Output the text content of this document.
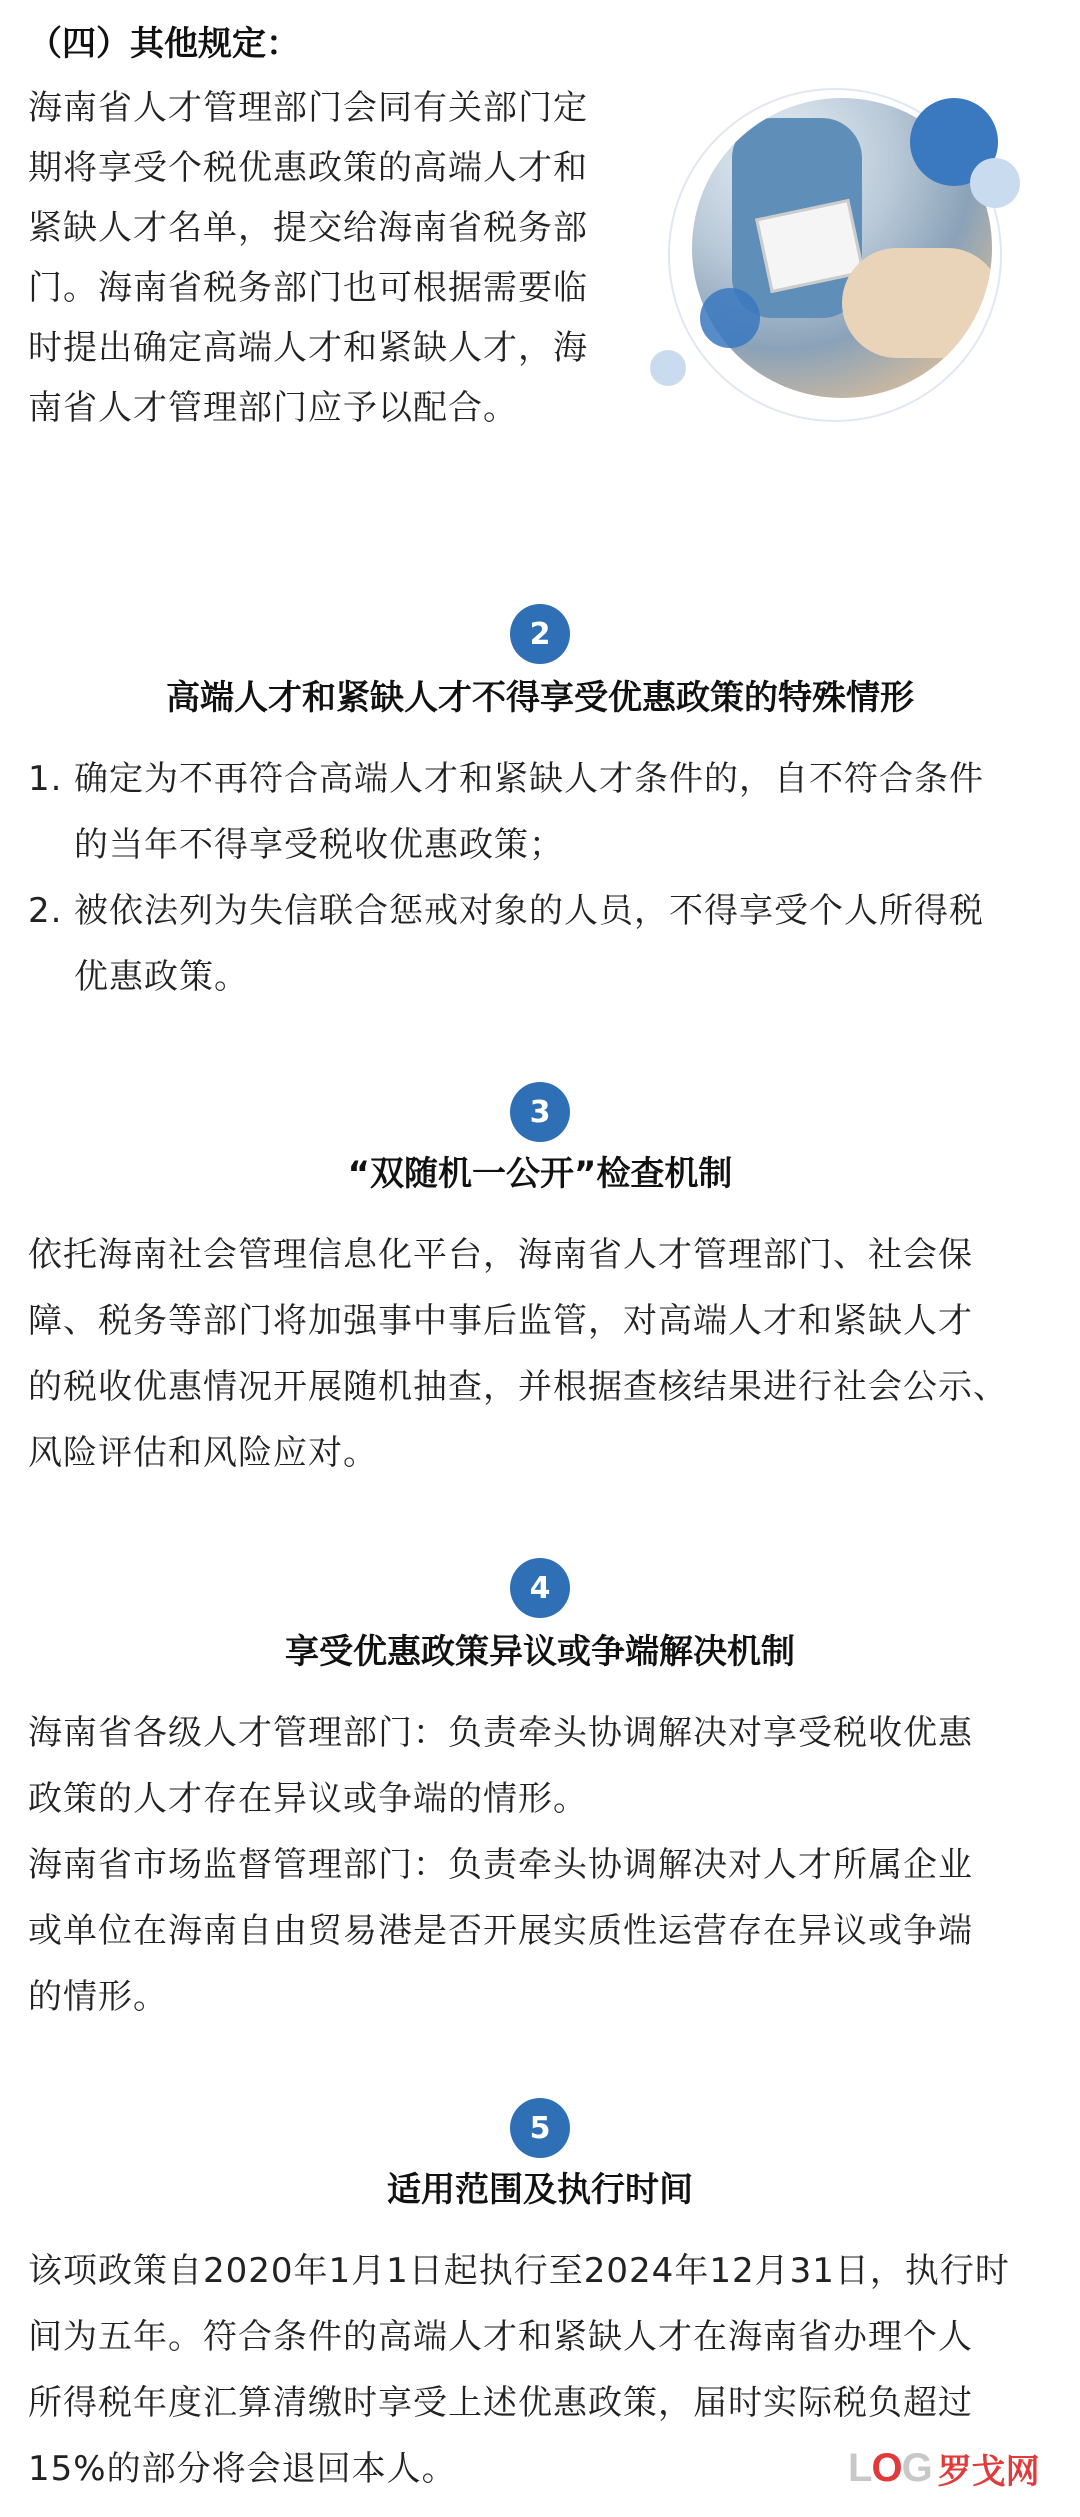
（四）其他规定：
海南省人才管理部门会同有关部门定
期将享受个税优惠政策的高端人才和
紧缺人才名单，提交给海南省税务部
门。海南省税务部门也可根据需要临
时提出确定高端人才和紧缺人才，海
南省人才管理部门应予以配合。
2
高端人才和紧缺人才不得享受优惠政策的特殊情形
1. 确定为不再符合高端人才和紧缺人才条件的，自不符合条件
的当年不得享受税收优惠政策；
2. 被依法列为失信联合惩戒对象的人员，不得享受个人所得税
优惠政策。
3
“双随机一公开”检查机制
依托海南社会管理信息化平台，海南省人才管理部门、社会保
障、税务等部门将加强事中事后监管，对高端人才和紧缺人才
的税收优惠情况开展随机抽查，并根据查核结果进行社会公示、
风险评估和风险应对。
4
享受优惠政策异议或争端解决机制
海南省各级人才管理部门：负责牵头协调解决对享受税收优惠
政策的人才存在异议或争端的情形。
海南省市场监督管理部门：负责牵头协调解决对人才所属企业
或单位在海南自由贸易港是否开展实质性运营存在异议或争端
的情形。
5
适用范围及执行时间
该项政策自2020年1月1日起执行至2024年12月31日，执行时
间为五年。符合条件的高端人才和紧缺人才在海南省办理个人
所得税年度汇算清缴时享受上述优惠政策，届时实际税负超过
15%的部分将会退回本人。	LOG 罗戈网
